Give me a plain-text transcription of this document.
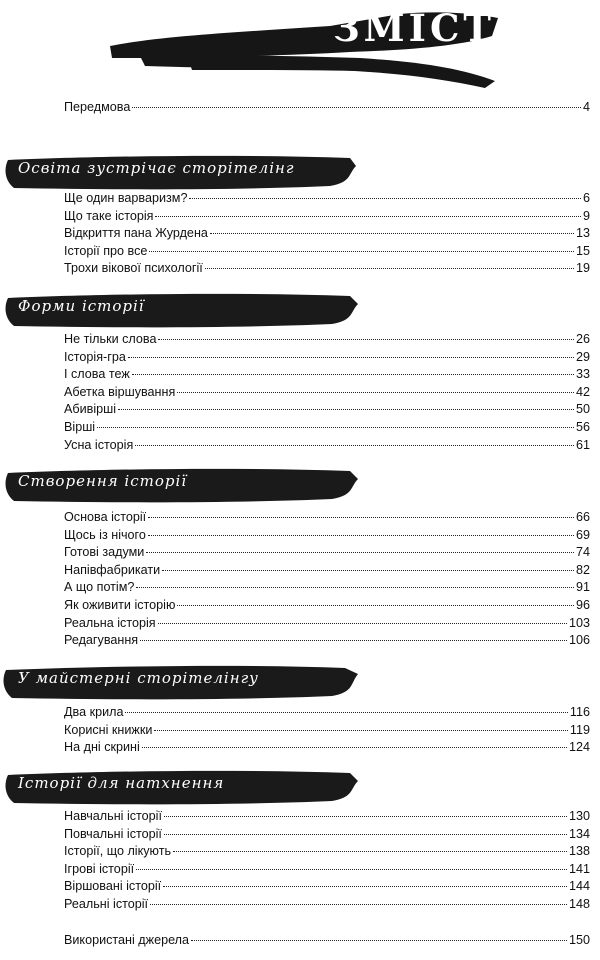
ЗМІСТ
Передмова	4
Освіта зустрічає сторітелінг
Ще один варваризм?	6
Що таке історія	9
Відкриття пана Журдена	13
Історії про все	15
Трохи вікової психології	19
Форми історії
Не тільки слова	26
Історія-гра	29
І слова теж	33
Абетка віршування	42
Абивірші	50
Вірші	56
Усна історія	61
Створення історії
Основа історії	66
Щось із нічого	69
Готові задуми	74
Напівфабрикати	82
А що потім?	91
Як оживити історію	96
Реальна історія	103
Редагування	106
У майстерні сторітелінгу
Два крила	116
Корисні книжки	119
На дні скрині	124
Історії для натхнення
Навчальні історії	130
Повчальні історії	134
Історії, що лікують	138
Ігрові історії	141
Віршовані історії	144
Реальні історії	148
Використані джерела	150
